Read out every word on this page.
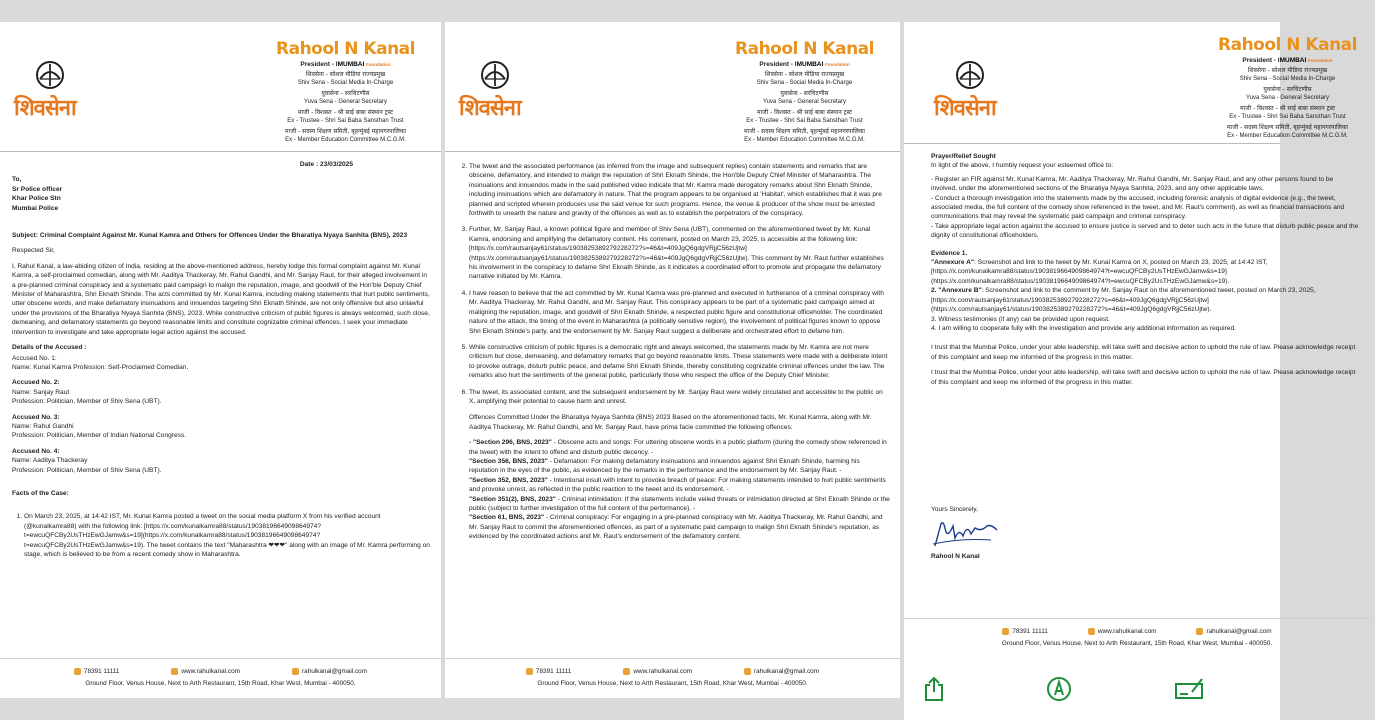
शिवसेना
Rahool N Kanal
President - IMUMBAI Foundation
शिवसेना - सोशल मीडिया राज्यप्रमुख
Shiv Sena - Social Media In-Charge
युवासेना - सरचिटणीस
Yuva Sena - General Secretary
माजी - विश्वस्त - श्री साई बाबा संस्थान ट्रस्ट
Ex - Trustee - Shri Sai Baba Sansthan Trust
माजी - सदस्य शिक्षण समिती, बृहन्मुंबई महानगरपालिका
Ex - Member Education Committee M.C.G.M.
Date : 23/03/2025
To,
Sr Police officer
Khar Police Stn
Mumbai Police
Subject: Criminal Complaint Against Mr. Kunal Kamra and Others for Offences Under the Bharatiya Nyaya Sanhita (BNS), 2023

Respected Sir,

I, Rahul Kanal, a law-abiding citizen of India, residing at the above-mentioned address, hereby lodge this formal complaint against Mr. Kunal Kamra, a self-proclaimed comedian, along with Mr. Aaditya Thackeray, Mr. Rahul Gandhi, and Mr. Sanjay Raut, for their alleged involvement in a pre-planned criminal conspiracy and a systematic paid campaign to malign the reputation, image, and goodwill of the Hon'ble Deputy Chief Minister of Maharashtra, Shri Eknath Shinde. The acts committed by Mr. Kunal Kamra, including making statements that hurt public sentiments, utter obscene words, and make defamatory insinuations and innuendos targeting Shri Eknath Shinde, are not only offensive but also unlawful under the provisions of the Bharatiya Nyaya Sanhita (BNS), 2023. While constructive criticism of public figures is always welcomed, such close, demeaning, and defamatory statements go beyond reasonable limits and constitute cognizable criminal offences. I seek your immediate intervention to investigate and take appropriate legal action against the accused.

Details of the Accused :

Accused No. 1:

Name: Kunal Kamra Profession: Self-Proclaimed Comedian.

Accused No. 2:

Name: Sanjay Raut

Profession: Politician, Member of Shiv Sena (UBT).

Accused No. 3:

Name: Rahul Gandhi

Profession: Politician, Member of Indian National Congress.

Accused No. 4:

Name: Aaditya Thackeray

Profession: Politician, Member of Shiv Sena (UBT).

Facts of the Case:
1. On March 23, 2025, at 14:42 IST, Mr. Kunal Kamra posted a tweet on the social media platform X from his verified account (@kunalkamra88) with the following link: [https://x.com/kunalkamra88/status/1903819664909864974?t=ewcuQFCBy2UsTHzEwGJamw&s=19](https://x.com/kunalkamra88/status/1903819664909864974?t=ewcuQFCBy2UsTHzEwGJamw&s=19). The tweet contains the text "Maharashtra ❤❤❤" along with an image of Mr. Kamra performing on stage, which is believed to be from a recent comedy show in Maharashtra.
78391 11111	www.rahulkanal.com	rahulkanal@gmail.com
Ground Floor, Venus House, Next to Arth Restaurant, 15th Road, Khar West, Mumbai - 400050.
शिवसेना
Rahool N Kanal
President - IMUMBAI Foundation
शिवसेना - सोशल मीडिया राज्यप्रमुख
Shiv Sena - Social Media In-Charge
युवासेना - सरचिटणीस
Yuva Sena - General Secretary
माजी - विश्वस्त - श्री साई बाबा संस्थान ट्रस्ट
Ex - Trustee - Shri Sai Baba Sansthan Trust
माजी - सदस्य शिक्षण समिती, बृहन्मुंबई महानगरपालिका
Ex - Member Education Committee M.C.G.M.
2. The tweet and the associated performance (as inferred from the image and subsequent replies) contain statements and remarks that are obscene, defamatory, and intended to malign the reputation of Shri Eknath Shinde, the Hon'ble Deputy Chief Minister of Maharashtra. The insinuations and innuendos made in the said published video indicate that Mr. Kamra made derogatory remarks about Shri Eknath Shinde, including insinuations which are defamatory in nature. That the program appears to be organised at 'Habitat', which establishes that it was pre planned and scripted wherein producers use the said venue for such programs. Hence, the venue & producer of the show must be arrested forthwith to unearth the nature and gravity of the offences as well as to establish the perpetrators of the conspiracy.
3. Further, Mr. Sanjay Raut, a known political figure and member of Shiv Sena (UBT), commented on the aforementioned tweet by Mr. Kunal Kamra, endorsing and amplifying the defamatory content. His comment, posted on March 23, 2025, is accessible at the following link: [https://x.com/rautsanjay61/status/1903825389279228272?s=46&t=409JgQ6gdgVRjjC56zUjtw](https://x.com/rautsanjay61/status/1903825389279228272?s=46&t=409JgQ6gdgVRjjC56zUjtw). This comment by Mr. Raut further establishes his involvement in the conspiracy to defame Shri Eknath Shinde, as it indicates a coordinated effort to promote and propagate the defamatory narrative initiated by Mr. Kamra.
4. I have reason to believe that the act committed by Mr. Kunal Kamra was pre-planned and executed in furtherance of a criminal conspiracy with Mr. Aaditya Thackeray, Mr. Rahul Gandhi, and Mr. Sanjay Raut. This conspiracy appears to be part of a systematic paid campaign aimed at maligning the reputation, image, and goodwill of Shri Eknath Shinde, a respected public figure and constitutional officeholder. The coordinated nature of the attack, the timing of the event in Maharashtra (a politically sensitive region), the involvement of political figures known to oppose Shri Eknath Shinde's party, and the endorsement by Mr. Sanjay Raut suggest a deliberate and orchestrated effort to defame him.
5. While constructive criticism of public figures is a democratic right and always welcomed, the statements made by Mr. Kamra are not mere criticism but close, demeaning, and defamatory remarks that go beyond reasonable limits. These statements were made with a deliberate intent to provoke outrage, disturb public peace, and defame Shri Eknath Shinde, thereby constituting cognizable criminal offences under the law. The remarks also hurt the sentiments of the general public, particularly those who respect the office of the Deputy Chief Minister.
6. The tweet, its associated content, and the subsequent endorsement by Mr. Sanjay Raut were widely circulated and accessible to the public on X, amplifying their potential to cause harm and unrest.

Offences Committed Under the Bharatiya Nyaya Sanhita (BNS) 2023 Based on the aforementioned facts, Mr. Kunal Kamra, along with Mr. Aaditya Thackeray, Mr. Rahul Gandhi, and Mr. Sanjay Raut, have prima facie committed the following offences:

- "Section 296, BNS, 2023" - Obscene acts and songs: For uttering obscene words in a public platform (during the comedy show referenced in the tweet) with the intent to offend and disturb public decency. -
"Section 356, BNS, 2023" - Defamation: For making defamatory insinuations and innuendos against Shri Eknath Shinde, harming his reputation in the eyes of the public, as evidenced by the remarks in the performance and the endorsement by Mr. Sanjay Raut. -
"Section 352, BNS, 2023" - Intentional insult with intent to provoke breach of peace: For making statements intended to hurt public sentiments and provoke unrest, as reflected in the public reaction to the tweet and its endorsement. -
"Section 351(2), BNS, 2023" - Criminal intimidation: If the statements include veiled threats or intimidation directed at Shri Eknath Shinde or the public (subject to further investigation of the full content of the performance). -
"Section 61, BNS, 2023" - Criminal conspiracy: For engaging in a pre-planned conspiracy with Mr. Aaditya Thackeray, Mr. Rahul Gandhi, and Mr. Sanjay Raut to commit the aforementioned offences, as part of a systematic paid campaign to malign Shri Eknath Shinde's reputation, as evidenced by the coordinated actions and Mr. Raut's endorsement of the defamatory content.
78391 11111	www.rahulkanal.com	rahulkanal@gmail.com
Ground Floor, Venus House, Next to Arth Restaurant, 15th Road, Khar West, Mumbai - 400050.
शिवसेना
Rahool N Kanal
President - IMUMBAI Foundation
शिवसेना - सोशल मीडिया राज्यप्रमुख
Shiv Sena - Social Media In-Charge
युवासेना - सरचिटणीस
Yuva Sena - General Secretary
माजी - विश्वस्त - श्री साई बाबा संस्थान ट्रस्ट
Ex - Trustee - Shri Sai Baba Sansthan Trust
माजी - सदस्य शिक्षण समिती, बृहन्मुंबई महानगरपालिका
Ex - Member Education Committee M.C.G.M.
Prayer/Relief Sought
In light of the above, I humbly request your esteemed office to:
- Register an FIR against Mr. Kunal Kamra, Mr. Aaditya Thackeray, Mr. Rahul Gandhi, Mr. Sanjay Raut, and any other persons found to be involved, under the aforementioned sections of the Bharatiya Nyaya Sanhita, 2023, and any other applicable laws.
- Conduct a thorough investigation into the statements made by the accused, including forensic analysis of digital evidence (e.g., the tweet, associated media, the full content of the comedy show referenced in the tweet, and Mr. Raut's comment), as well as financial transactions and communications that may reveal the systematic paid campaign and criminal conspiracy.
- Take appropriate legal action against the accused to ensure justice is served and to deter such acts in the future that disturb public peace and the dignity of constitutional officeholders.
Evidence 1.
"Annexure A": Screenshot and link to the tweet by Mr. Kunal Kamra on X, posted on March 23, 2025, at 14:42 IST, [https://x.com/kunalkamra88/status/1903819664909864974?t=ewcuQFCBy2UsTHzEwGJamw&s=19](https://x.com/kunalkamra88/status/1903819664909864974?t=ewcuQFCBy2UsTHzEwGJamw&s=19).
2. "Annexure B": Screenshot and link to the comment by Mr. Sanjay Raut on the aforementioned tweet, posted on March 23, 2025, [https://x.com/rautsanjay61/status/1903825389279228272?s=46&t=409JgQ6gdgVRjjC56zUjtw](https://x.com/rautsanjay61/status/1903825389279228272?s=46&t=409JgQ6gdgVRjjC56zUjtw).
3. Witness testimonies (if any) can be provided upon request.
4. I am willing to cooperate fully with the investigation and provide any additional information as required.

I trust that the Mumbai Police, under your able leadership, will take swift and decisive action to uphold the rule of law. Please acknowledge receipt of this complaint and keep me informed of the progress in this matter.

I trust that the Mumbai Police, under your able leadership, will take swift and decisive action to uphold the rule of law. Please acknowledge receipt of this complaint and keep me informed of the progress in this matter.

Yours Sincerely,
Rahool N Kanal
78391 11111	www.rahulkanal.com	rahulkanal@gmail.com
Ground Floor, Venus House, Next to Arth Restaurant, 15th Road, Khar West, Mumbai - 400050.
